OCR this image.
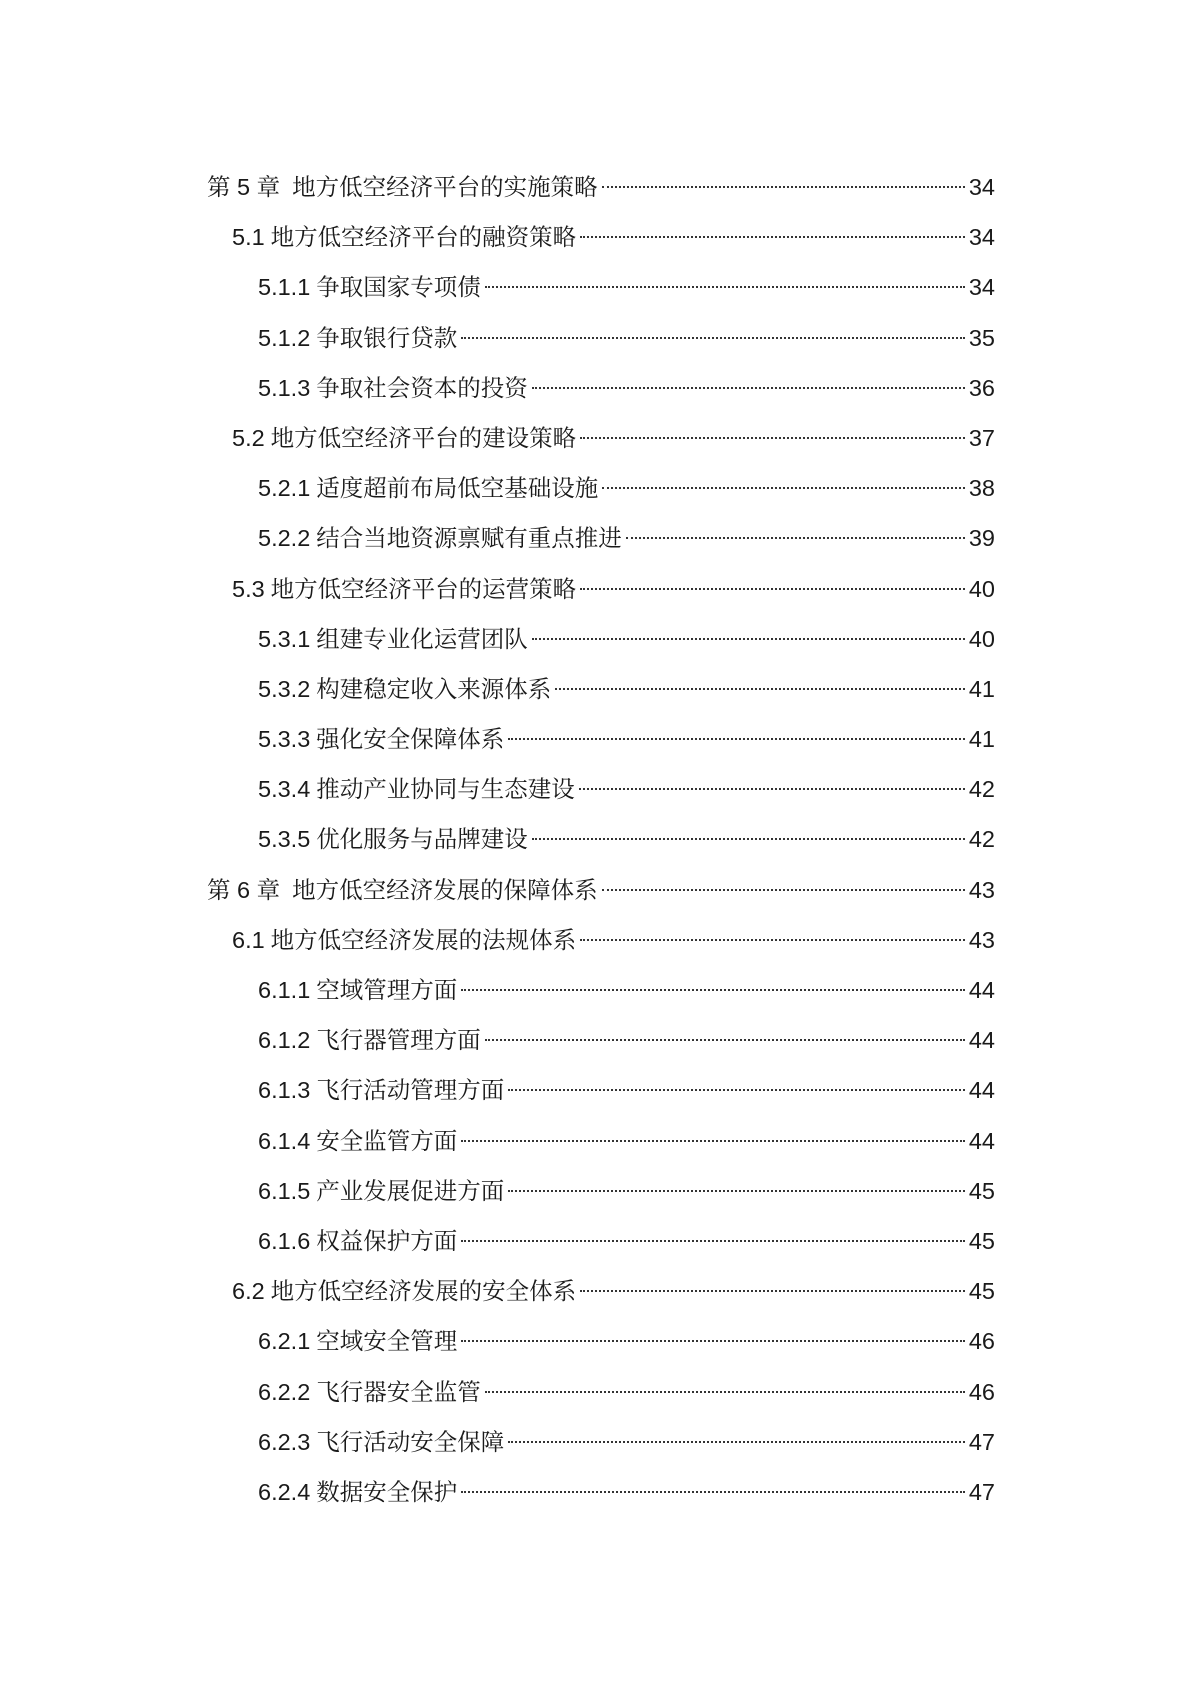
第 5 章 地方低空经济平台的实施策略	34
5.1 地方低空经济平台的融资策略	34
5.1.1 争取国家专项债	34
5.1.2 争取银行贷款	35
5.1.3 争取社会资本的投资	36
5.2 地方低空经济平台的建设策略	37
5.2.1 适度超前布局低空基础设施	38
5.2.2 结合当地资源禀赋有重点推进	39
5.3 地方低空经济平台的运营策略	40
5.3.1 组建专业化运营团队	40
5.3.2 构建稳定收入来源体系	41
5.3.3 强化安全保障体系	41
5.3.4 推动产业协同与生态建设	42
5.3.5 优化服务与品牌建设	42
第 6 章 地方低空经济发展的保障体系	43
6.1 地方低空经济发展的法规体系	43
6.1.1 空域管理方面	44
6.1.2 飞行器管理方面	44
6.1.3 飞行活动管理方面	44
6.1.4 安全监管方面	44
6.1.5 产业发展促进方面	45
6.1.6 权益保护方面	45
6.2 地方低空经济发展的安全体系	45
6.2.1 空域安全管理	46
6.2.2 飞行器安全监管	46
6.2.3 飞行活动安全保障	47
6.2.4 数据安全保护	47
